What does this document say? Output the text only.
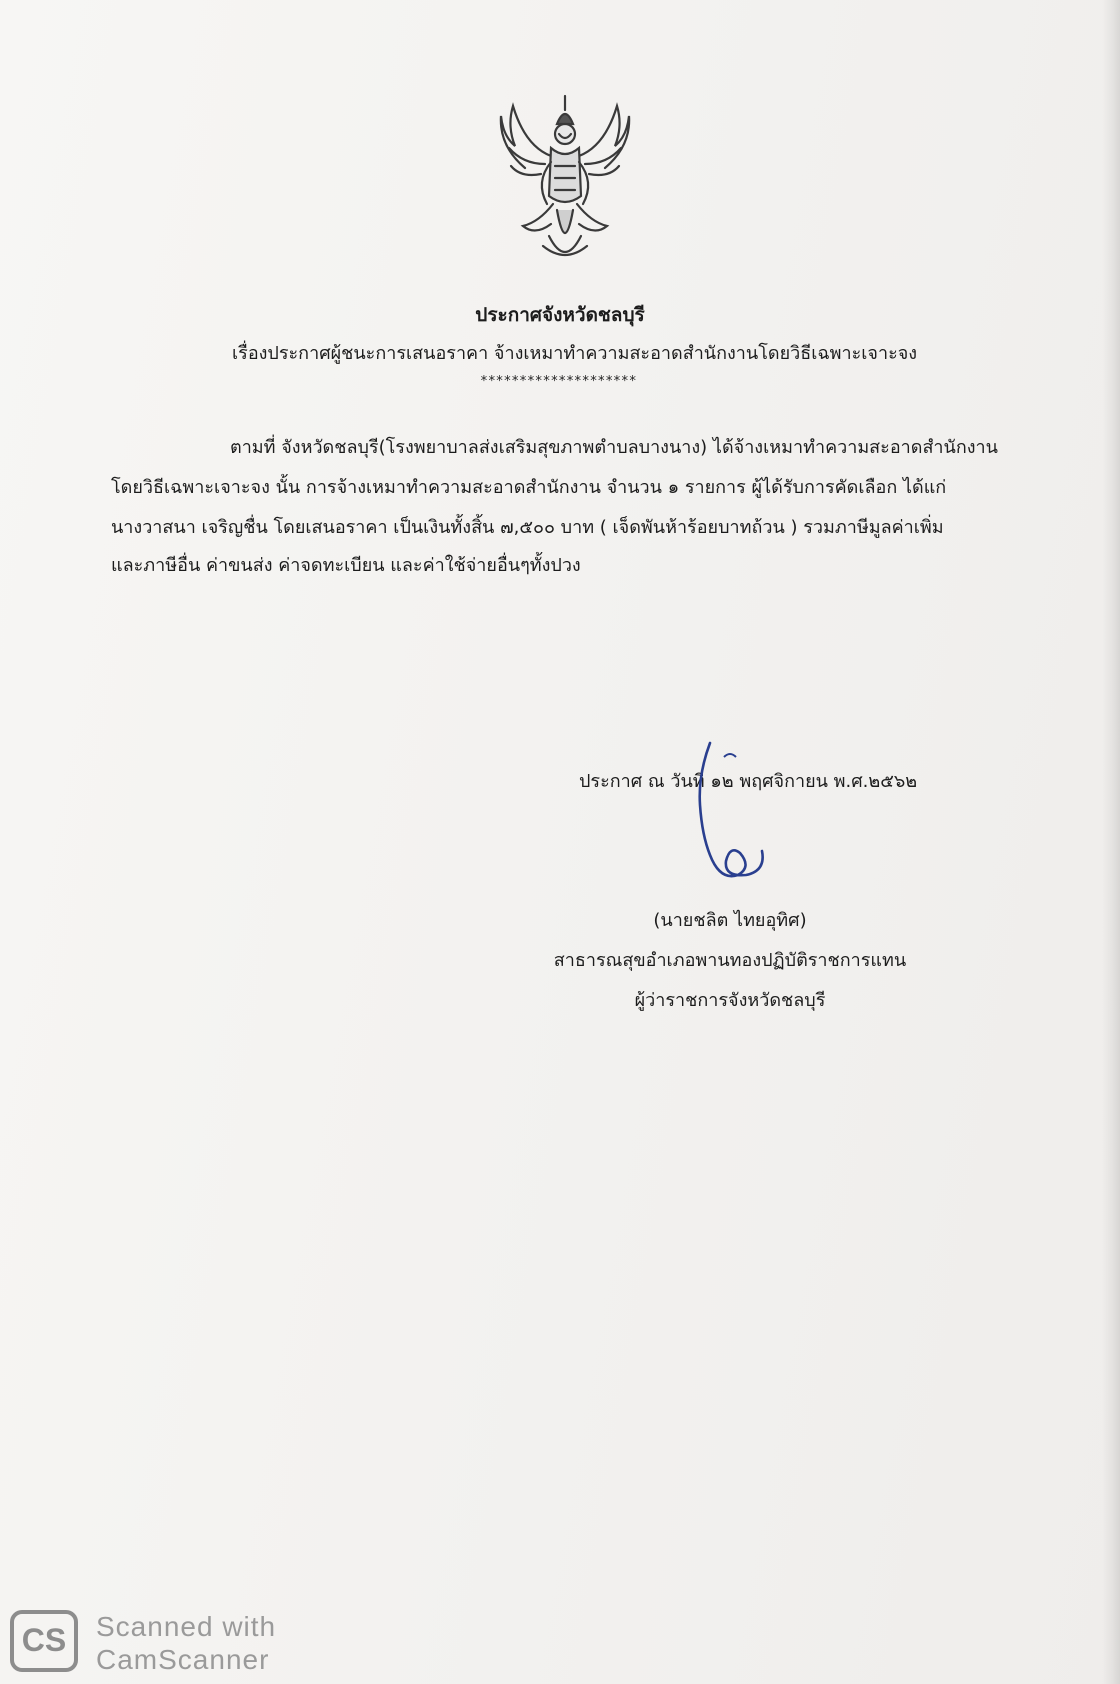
ประกาศจังหวัดชลบุรี
เรื่องประกาศผู้ชนะการเสนอราคา จ้างเหมาทำความสะอาดสำนักงานโดยวิธีเฉพาะเจาะจง
********************
ตามที่ จังหวัดชลบุรี(โรงพยาบาลส่งเสริมสุขภาพตำบลบางนาง) ได้จ้างเหมาทำความสะอาดสำนักงาน
โดยวิธีเฉพาะเจาะจง นั้น การจ้างเหมาทำความสะอาดสำนักงาน จำนวน ๑ รายการ ผู้ได้รับการคัดเลือก ได้แก่
นางวาสนา เจริญชื่น โดยเสนอราคา เป็นเงินทั้งสิ้น ๗,๕๐๐ บาท ( เจ็ดพันห้าร้อยบาทถ้วน ) รวมภาษีมูลค่าเพิ่ม
และภาษีอื่น ค่าขนส่ง ค่าจดทะเบียน และค่าใช้จ่ายอื่นๆทั้งปวง
ประกาศ ณ วันที่ ๑๒ พฤศจิกายน พ.ศ.๒๕๖๒
(นายชลิต ไทยอุทิศ)
สาธารณสุขอำเภอพานทองปฏิบัติราชการแทน
ผู้ว่าราชการจังหวัดชลบุรี
CS	Scanned with
CamScanner
